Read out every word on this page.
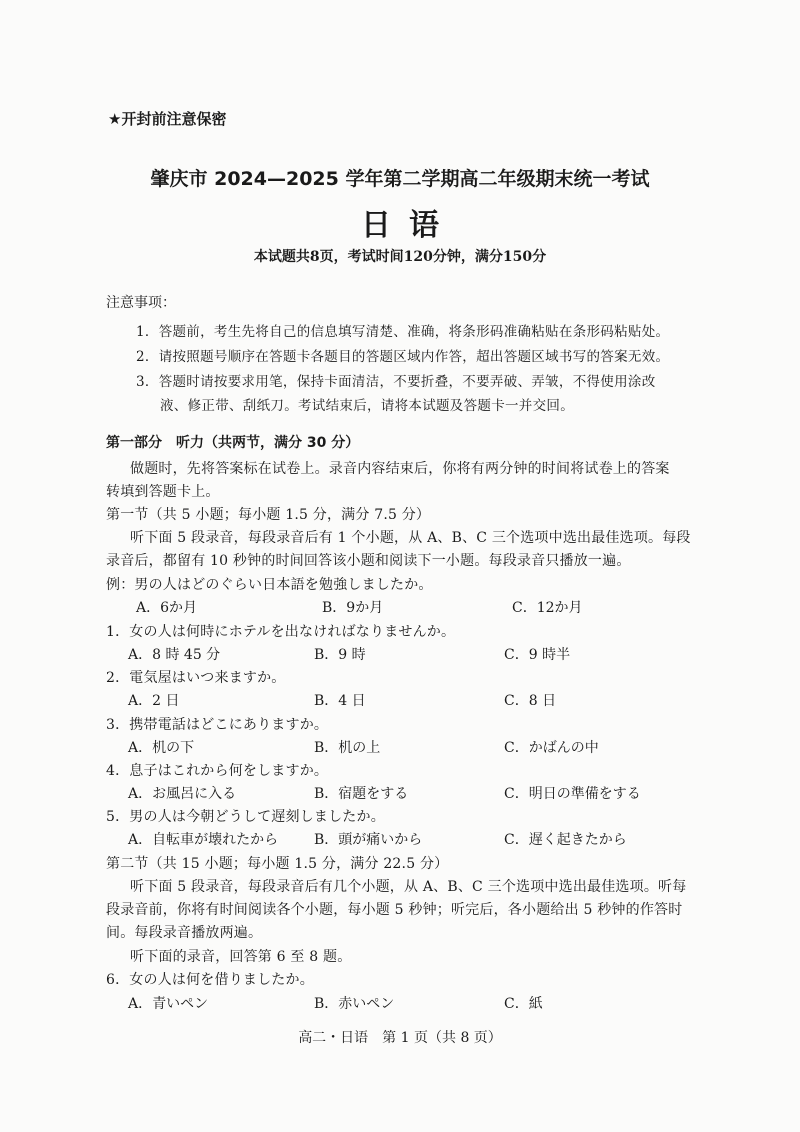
★开封前注意保密
肇庆市 2024—2025 学年第二学期高二年级期末统一考试
日语
本试题共8页，考试时间120分钟，满分150分
注意事项：
1．答题前，考生先将自己的信息填写清楚、准确，将条形码准确粘贴在条形码粘贴处。
2．请按照题号顺序在答题卡各题目的答题区域内作答，超出答题区域书写的答案无效。
3．答题时请按要求用笔，保持卡面清洁，不要折叠，不要弄破、弄皱，不得使用涂改
液、修正带、刮纸刀。考试结束后，请将本试题及答题卡一并交回。
第一部分　听力（共两节，满分 30 分）
做题时，先将答案标在试卷上。录音内容结束后，你将有两分钟的时间将试卷上的答案
转填到答题卡上。
第一节（共 5 小题；每小题 1.5 分，满分 7.5 分）
听下面 5 段录音，每段录音后有 1 个小题，从 A、B、C 三个选项中选出最佳选项。每段
录音后，都留有 10 秒钟的时间回答该小题和阅读下一小题。每段录音只播放一遍。
例：男の人はどのぐらい日本語を勉強しましたか。
A．6か月	B．9か月	C．12か月
1．女の人は何時にホテルを出なければなりませんか。
A．8 時 45 分	B．9 時	C．9 時半
2．電気屋はいつ来ますか。
A．2 日	B．4 日	C．8 日
3．携帯電話はどこにありますか。
A．机の下	B．机の上	C．かばんの中
4．息子はこれから何をしますか。
A．お風呂に入る	B．宿題をする	C．明日の準備をする
5．男の人は今朝どうして遅刻しましたか。
A．自転車が壊れたから	B．頭が痛いから	C．遅く起きたから
第二节（共 15 小题；每小题 1.5 分，满分 22.5 分）
听下面 5 段录音，每段录音后有几个小题，从 A、B、C 三个选项中选出最佳选项。听每
段录音前，你将有时间阅读各个小题，每小题 5 秒钟；听完后，各小题给出 5 秒钟的作答时
间。每段录音播放两遍。
听下面的录音，回答第 6 至 8 题。
6．女の人は何を借りましたか。
A．青いペン	B．赤いペン	C．紙
高二・日语　第 1 页（共 8 页）
